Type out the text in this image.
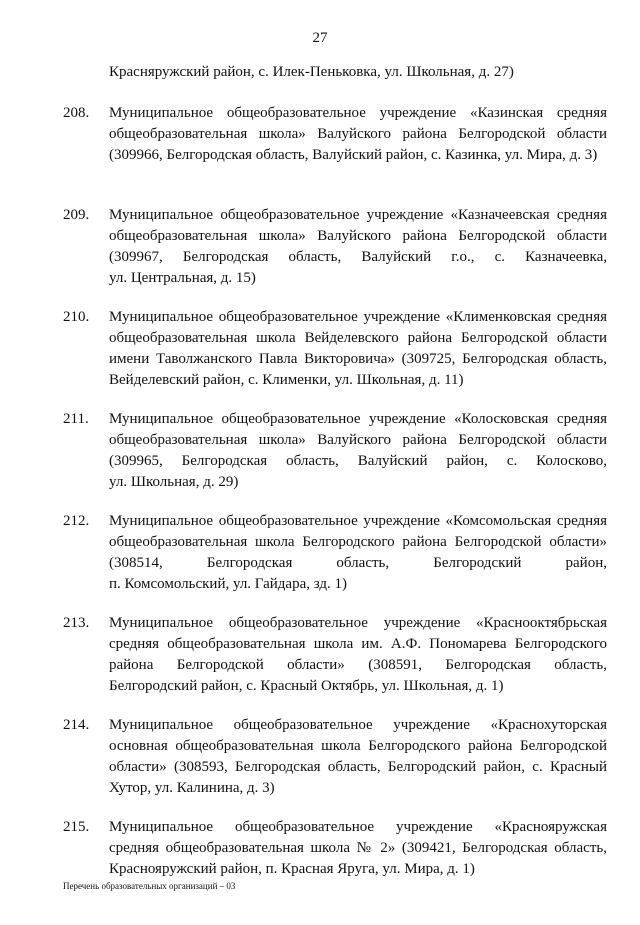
27
Красняружский район, с. Илек-Пеньковка, ул. Школьная, д. 27)
208. Муниципальное общеобразовательное учреждение «Казинская средняя
общеобразовательная школа» Валуйского района Белгородской области
(309966, Белгородская область, Валуйский район, с. Казинка, ул. Мира, д. 3)
209. Муниципальное общеобразовательное учреждение «Казначеевская средняя
общеобразовательная школа» Валуйского района Белгородской области
(309967, Белгородская область, Валуйский г.о., с. Казначеевка,
ул. Центральная, д. 15)
210. Муниципальное общеобразовательное учреждение «Клименковская средняя
общеобразовательная школа Вейделевского района Белгородской области
имени Таволжанского Павла Викторовича» (309725, Белгородская область,
Вейделевский район, с. Клименки, ул. Школьная, д. 11)
211. Муниципальное общеобразовательное учреждение «Колосковская средняя
общеобразовательная школа» Валуйского района Белгородской области
(309965, Белгородская область, Валуйский район, с. Колосково,
ул. Школьная, д. 29)
212. Муниципальное общеобразовательное учреждение «Комсомольская средняя
общеобразовательная школа Белгородского района Белгородской области»
(308514, Белгородская область, Белгородский район,
п. Комсомольский, ул. Гайдара, зд. 1)
213. Муниципальное общеобразовательное учреждение «Краснооктябрьская
средняя общеобразовательная школа им. А.Ф. Пономарева Белгородского
района Белгородской области» (308591, Белгородская область,
Белгородский район, с. Красный Октябрь, ул. Школьная, д. 1)
214. Муниципальное общеобразовательное учреждение «Краснохуторская
основная общеобразовательная школа Белгородского района Белгородской
области» (308593, Белгородская область, Белгородский район, с. Красный
Хутор, ул. Калинина, д. 3)
215. Муниципальное общеобразовательное учреждение «Краснояружская
средняя общеобразовательная школа № 2» (309421, Белгородская область,
Краснояружский район, п. Красная Яруга, ул. Мира, д. 1)
Перечень образовательных организаций – 03
